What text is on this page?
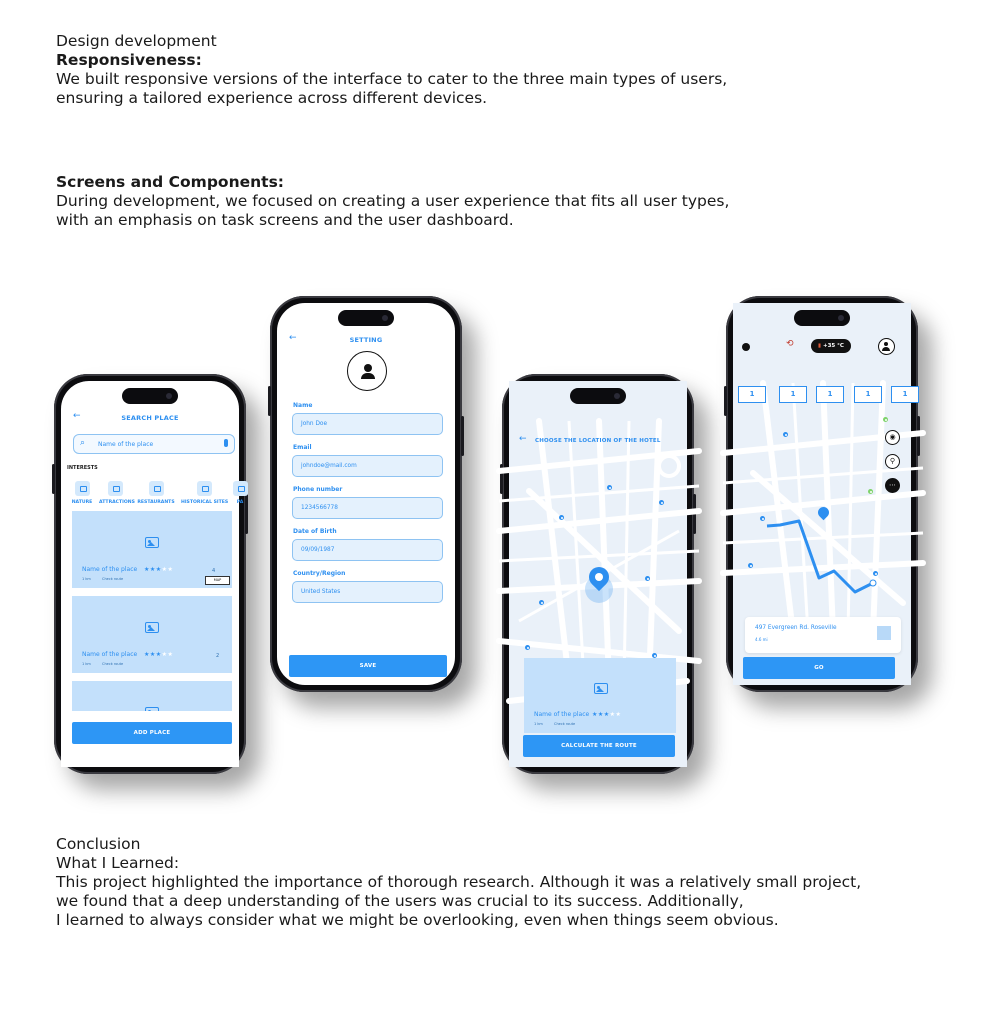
Design development
Responsiveness:
We built responsive versions of the interface to cater to the three main types of users,
ensuring a tailored experience across different devices.
Screens and Components:
During development, we focused on creating a user experience that fits all user types,
with an emphasis on task screens and the user dashboard.
←	SEARCH PLACE
⌕ Name of the place
INTERESTS
NATURE ATTRACTIONS RESTAURANTS HISTORICAL SITES	PA
Name of the place ★★★★★
1 km	Check route
4
MAP
Name of the place ★★★★★
1 km	Check route
2
ADD PLACE
←	SETTING
Name
John Doe
Email
johndoe@mail.com
Phone number
1234566778
Date of Birth
09/09/1987
Country/Region
United States
SAVE
← CHOOSE THE LOCATION OF THE HOTEL
Name of the place ★★★★★
1 km	Check route
CALCULATE THE ROUTE
⟲	▮ +35 °C
1	1	1	1	1
◉
⚲
⋯
497 Evergreen Rd. Roseville
4.6 mi
GO
Conclusion
What I Learned:
This project highlighted the importance of thorough research. Although it was a relatively small project,
we found that a deep understanding of the users was crucial to its success. Additionally,
I learned to always consider what we might be overlooking, even when things seem obvious.
